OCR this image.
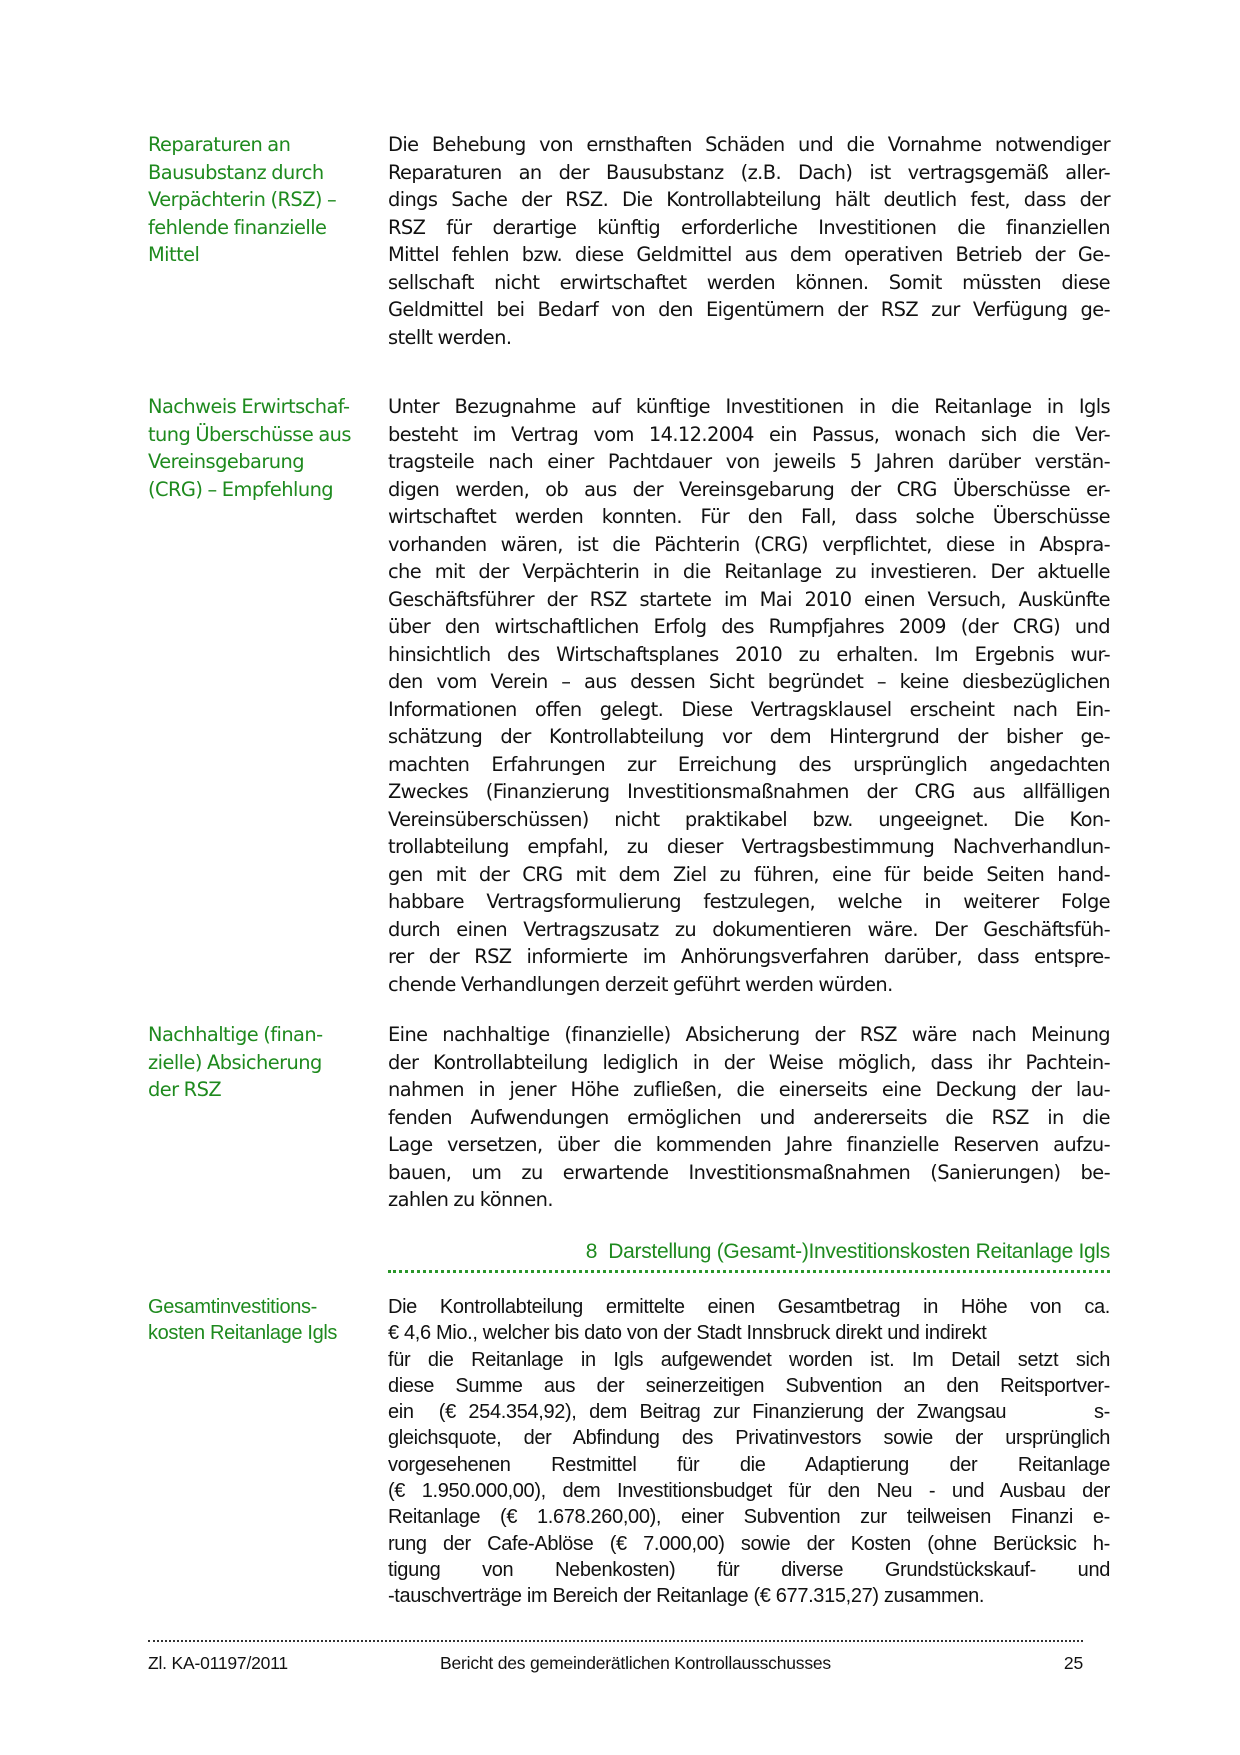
Reparaturen an
Bausubstanz durch
Verpächterin (RSZ) –
fehlende finanzielle
Mittel
Die Behebung von ernsthaften Schäden und die Vornahme notwendiger
Reparaturen an der Bausubstanz (z.B. Dach) ist vertragsgemäß aller-
dings Sache der RSZ. Die Kontrollabteilung hält deutlich fest, dass der
RSZ für derartige künftig erforderliche Investitionen die finanziellen
Mittel fehlen bzw. diese Geldmittel aus dem operativen Betrieb der Ge-
sellschaft nicht erwirtschaftet werden können. Somit müssten diese
Geldmittel bei Bedarf von den Eigentümern der RSZ zur Verfügung ge-
stellt werden.
Nachweis Erwirtschaf-
tung Überschüsse aus
Vereinsgebarung
(CRG) – Empfehlung
Unter Bezugnahme auf künftige Investitionen in die Reitanlage in Igls
besteht im Vertrag vom 14.12.2004 ein Passus, wonach sich die Ver-
tragsteile nach einer Pachtdauer von jeweils 5 Jahren darüber verstän-
digen werden, ob aus der Vereinsgebarung der CRG Überschüsse er-
wirtschaftet werden konnten. Für den Fall, dass solche Überschüsse
vorhanden wären, ist die Pächterin (CRG) verpflichtet, diese in Abspra-
che mit der Verpächterin in die Reitanlage zu investieren. Der aktuelle
Geschäftsführer der RSZ startete im Mai 2010 einen Versuch, Auskünfte
über den wirtschaftlichen Erfolg des Rumpfjahres 2009 (der CRG) und
hinsichtlich des Wirtschaftsplanes 2010 zu erhalten. Im Ergebnis wur-
den vom Verein – aus dessen Sicht begründet – keine diesbezüglichen
Informationen offen gelegt. Diese Vertragsklausel erscheint nach Ein-
schätzung der Kontrollabteilung vor dem Hintergrund der bisher ge-
machten Erfahrungen zur Erreichung des ursprünglich angedachten
Zweckes (Finanzierung Investitionsmaßnahmen der CRG aus allfälligen
Vereinsüberschüssen) nicht praktikabel bzw. ungeeignet. Die Kon-
trollabteilung empfahl, zu dieser Vertragsbestimmung Nachverhandlun-
gen mit der CRG mit dem Ziel zu führen, eine für beide Seiten hand-
habbare Vertragsformulierung festzulegen, welche in weiterer Folge
durch einen Vertragszusatz zu dokumentieren wäre. Der Geschäftsfüh-
rer der RSZ informierte im Anhörungsverfahren darüber, dass entspre-
chende Verhandlungen derzeit geführt werden würden.
Nachhaltige (finan-
zielle) Absicherung
der RSZ
Eine nachhaltige (finanzielle) Absicherung der RSZ wäre nach Meinung
der Kontrollabteilung lediglich in der Weise möglich, dass ihr Pachtein-
nahmen in jener Höhe zufließen, die einerseits eine Deckung der lau-
fenden Aufwendungen ermöglichen und andererseits die RSZ in die
Lage versetzen, über die kommenden Jahre finanzielle Reserven aufzu-
bauen, um zu erwartende Investitionsmaßnahmen (Sanierungen) be-
zahlen zu können.
8 Darstellung (Gesamt-)Investitionskosten Reitanlage Igls
Gesamtinvestitions-
kosten Reitanlage Igls
Die Kontrollabteilung ermittelte einen Gesamtbetrag in Höhe von ca.
€ 4,6 Mio., welcher bis dato von der Stadt Innsbruck direkt und indirekt
für die Reitanlage in Igls aufgewendet worden ist. Im Detail setzt sich
diese Summe aus der seinerzeitigen Subvention an den Reitsportver-
ein  (€ 254.354,92), dem Beitrag zur Finanzierung der Zwangsau       s-
gleichsquote, der Abfindung des Privatinvestors sowie der ursprünglich
vorgesehenen Restmittel für die Adaptierung der Reitanlage
(€ 1.950.000,00), dem Investitionsbudget für den Neu - und Ausbau der
Reitanlage (€ 1.678.260,00), einer Subvention zur teilweisen Finanzi e-
rung der Cafe-Ablöse (€ 7.000,00) sowie der Kosten (ohne Berücksic h-
tigung von Nebenkosten) für diverse Grundstückskauf- und
-tauschverträge im Bereich der Reitanlage (€ 677.315,27) zusammen.
Zl. KA-01197/2011	Bericht des gemeinderätlichen Kontrollausschusses	25
